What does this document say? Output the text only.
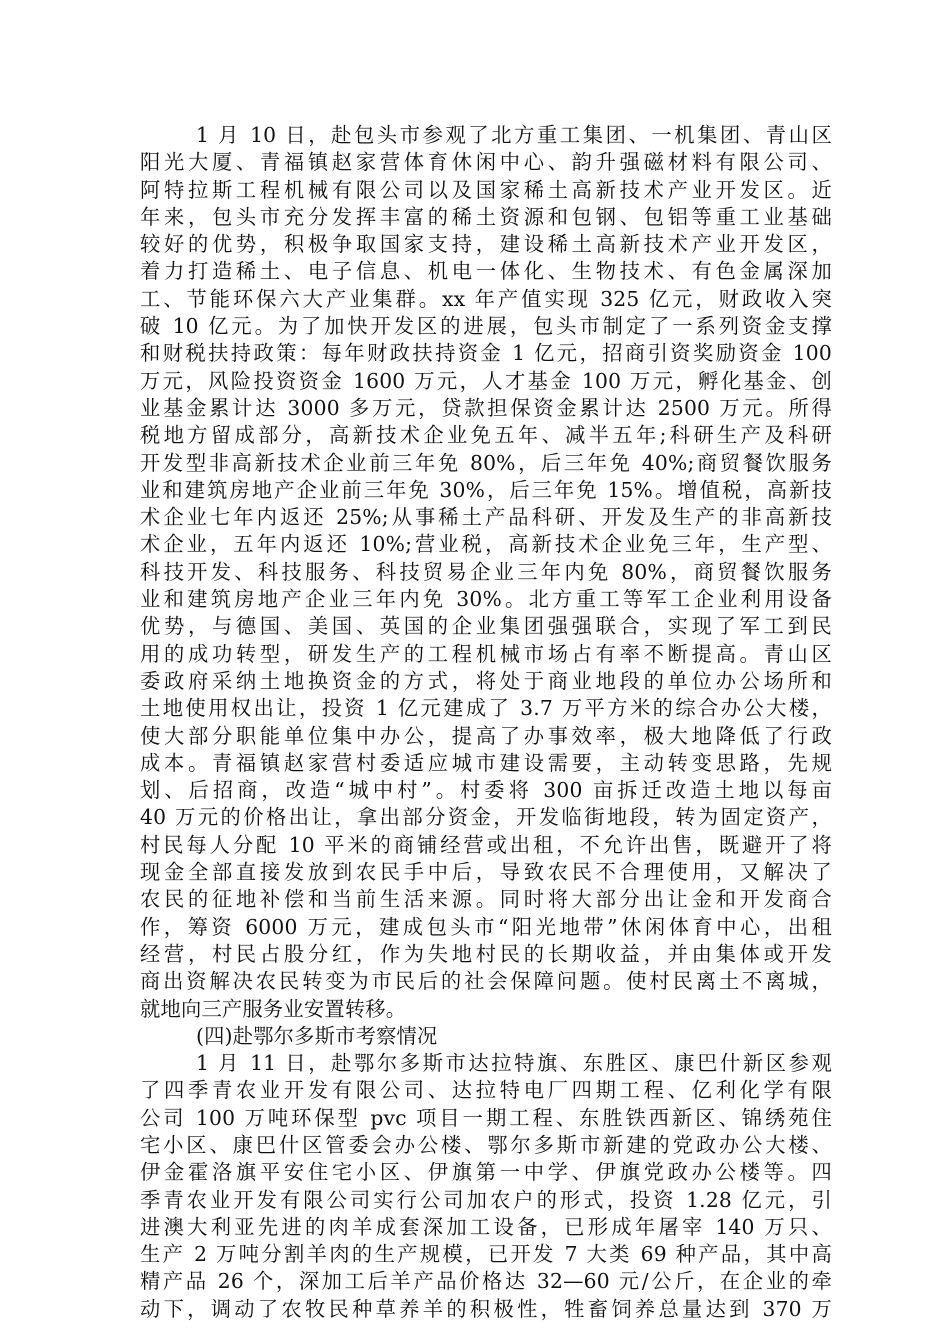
1 月 10 日，赴包头市参观了北方重工集团、一机集团、青山区
阳光大厦、青福镇赵家营体育休闲中心、韵升强磁材料有限公司、
阿特拉斯工程机械有限公司以及国家稀土高新技术产业开发区。近
年来，包头市充分发挥丰富的稀土资源和包钢、包铝等重工业基础
较好的优势，积极争取国家支持，建设稀土高新技术产业开发区，
着力打造稀土、电子信息、机电一体化、生物技术、有色金属深加
工、节能环保六大产业集群。xx 年产值实现 325 亿元，财政收入突
破 10 亿元。为了加快开发区的进展，包头市制定了一系列资金支撑
和财税扶持政策：每年财政扶持资金 1 亿元，招商引资奖励资金 100
万元，风险投资资金 1600 万元，人才基金 100 万元，孵化基金、创
业基金累计达 3000 多万元，贷款担保资金累计达 2500 万元。所得
税地方留成部分，高新技术企业免五年、减半五年;科研生产及科研
开发型非高新技术企业前三年免 80%，后三年免 40%;商贸餐饮服务
业和建筑房地产企业前三年免 30%，后三年免 15%。增值税，高新技
术企业七年内返还 25%;从事稀土产品科研、开发及生产的非高新技
术企业，五年内返还 10%;营业税，高新技术企业免三年，生产型、
科技开发、科技服务、科技贸易企业三年内免 80%，商贸餐饮服务
业和建筑房地产企业三年内免 30%。北方重工等军工企业利用设备
优势，与德国、美国、英国的企业集团强强联合，实现了军工到民
用的成功转型，研发生产的工程机械市场占有率不断提高。青山区
委政府采纳土地换资金的方式，将处于商业地段的单位办公场所和
土地使用权出让，投资 1 亿元建成了 3.7 万平方米的综合办公大楼，
使大部分职能单位集中办公，提高了办事效率，极大地降低了行政
成本。青福镇赵家营村委适应城市建设需要，主动转变思路，先规
划、后招商，改造“城中村”。村委将 300 亩拆迁改造土地以每亩
40 万元的价格出让，拿出部分资金，开发临街地段，转为固定资产，
村民每人分配 10 平米的商铺经营或出租，不允许出售，既避开了将
现金全部直接发放到农民手中后，导致农民不合理使用，又解决了
农民的征地补偿和当前生活来源。同时将大部分出让金和开发商合
作，筹资 6000 万元，建成包头市“阳光地带”休闲体育中心，出租
经营，村民占股分红，作为失地村民的长期收益，并由集体或开发
商出资解决农民转变为市民后的社会保障问题。使村民离土不离城，
就地向三产服务业安置转移。
(四)赴鄂尔多斯市考察情况
1 月 11 日，赴鄂尔多斯市达拉特旗、东胜区、康巴什新区参观
了四季青农业开发有限公司、达拉特电厂四期工程、亿利化学有限
公司 100 万吨环保型 pvc 项目一期工程、东胜铁西新区、锦绣苑住
宅小区、康巴什区管委会办公楼、鄂尔多斯市新建的党政办公大楼、
伊金霍洛旗平安住宅小区、伊旗第一中学、伊旗党政办公楼等。四
季青农业开发有限公司实行公司加农户的形式，投资 1.28 亿元，引
进澳大利亚先进的肉羊成套深加工设备，已形成年屠宰 140 万只、
生产 2 万吨分割羊肉的生产规模，已开发 7 大类 69 种产品，其中高
精产品 26 个，深加工后羊产品价格达 32—60 元/公斤，在企业的牵
动下，调动了农牧民种草养羊的积极性，牲畜饲养总量达到 370 万
